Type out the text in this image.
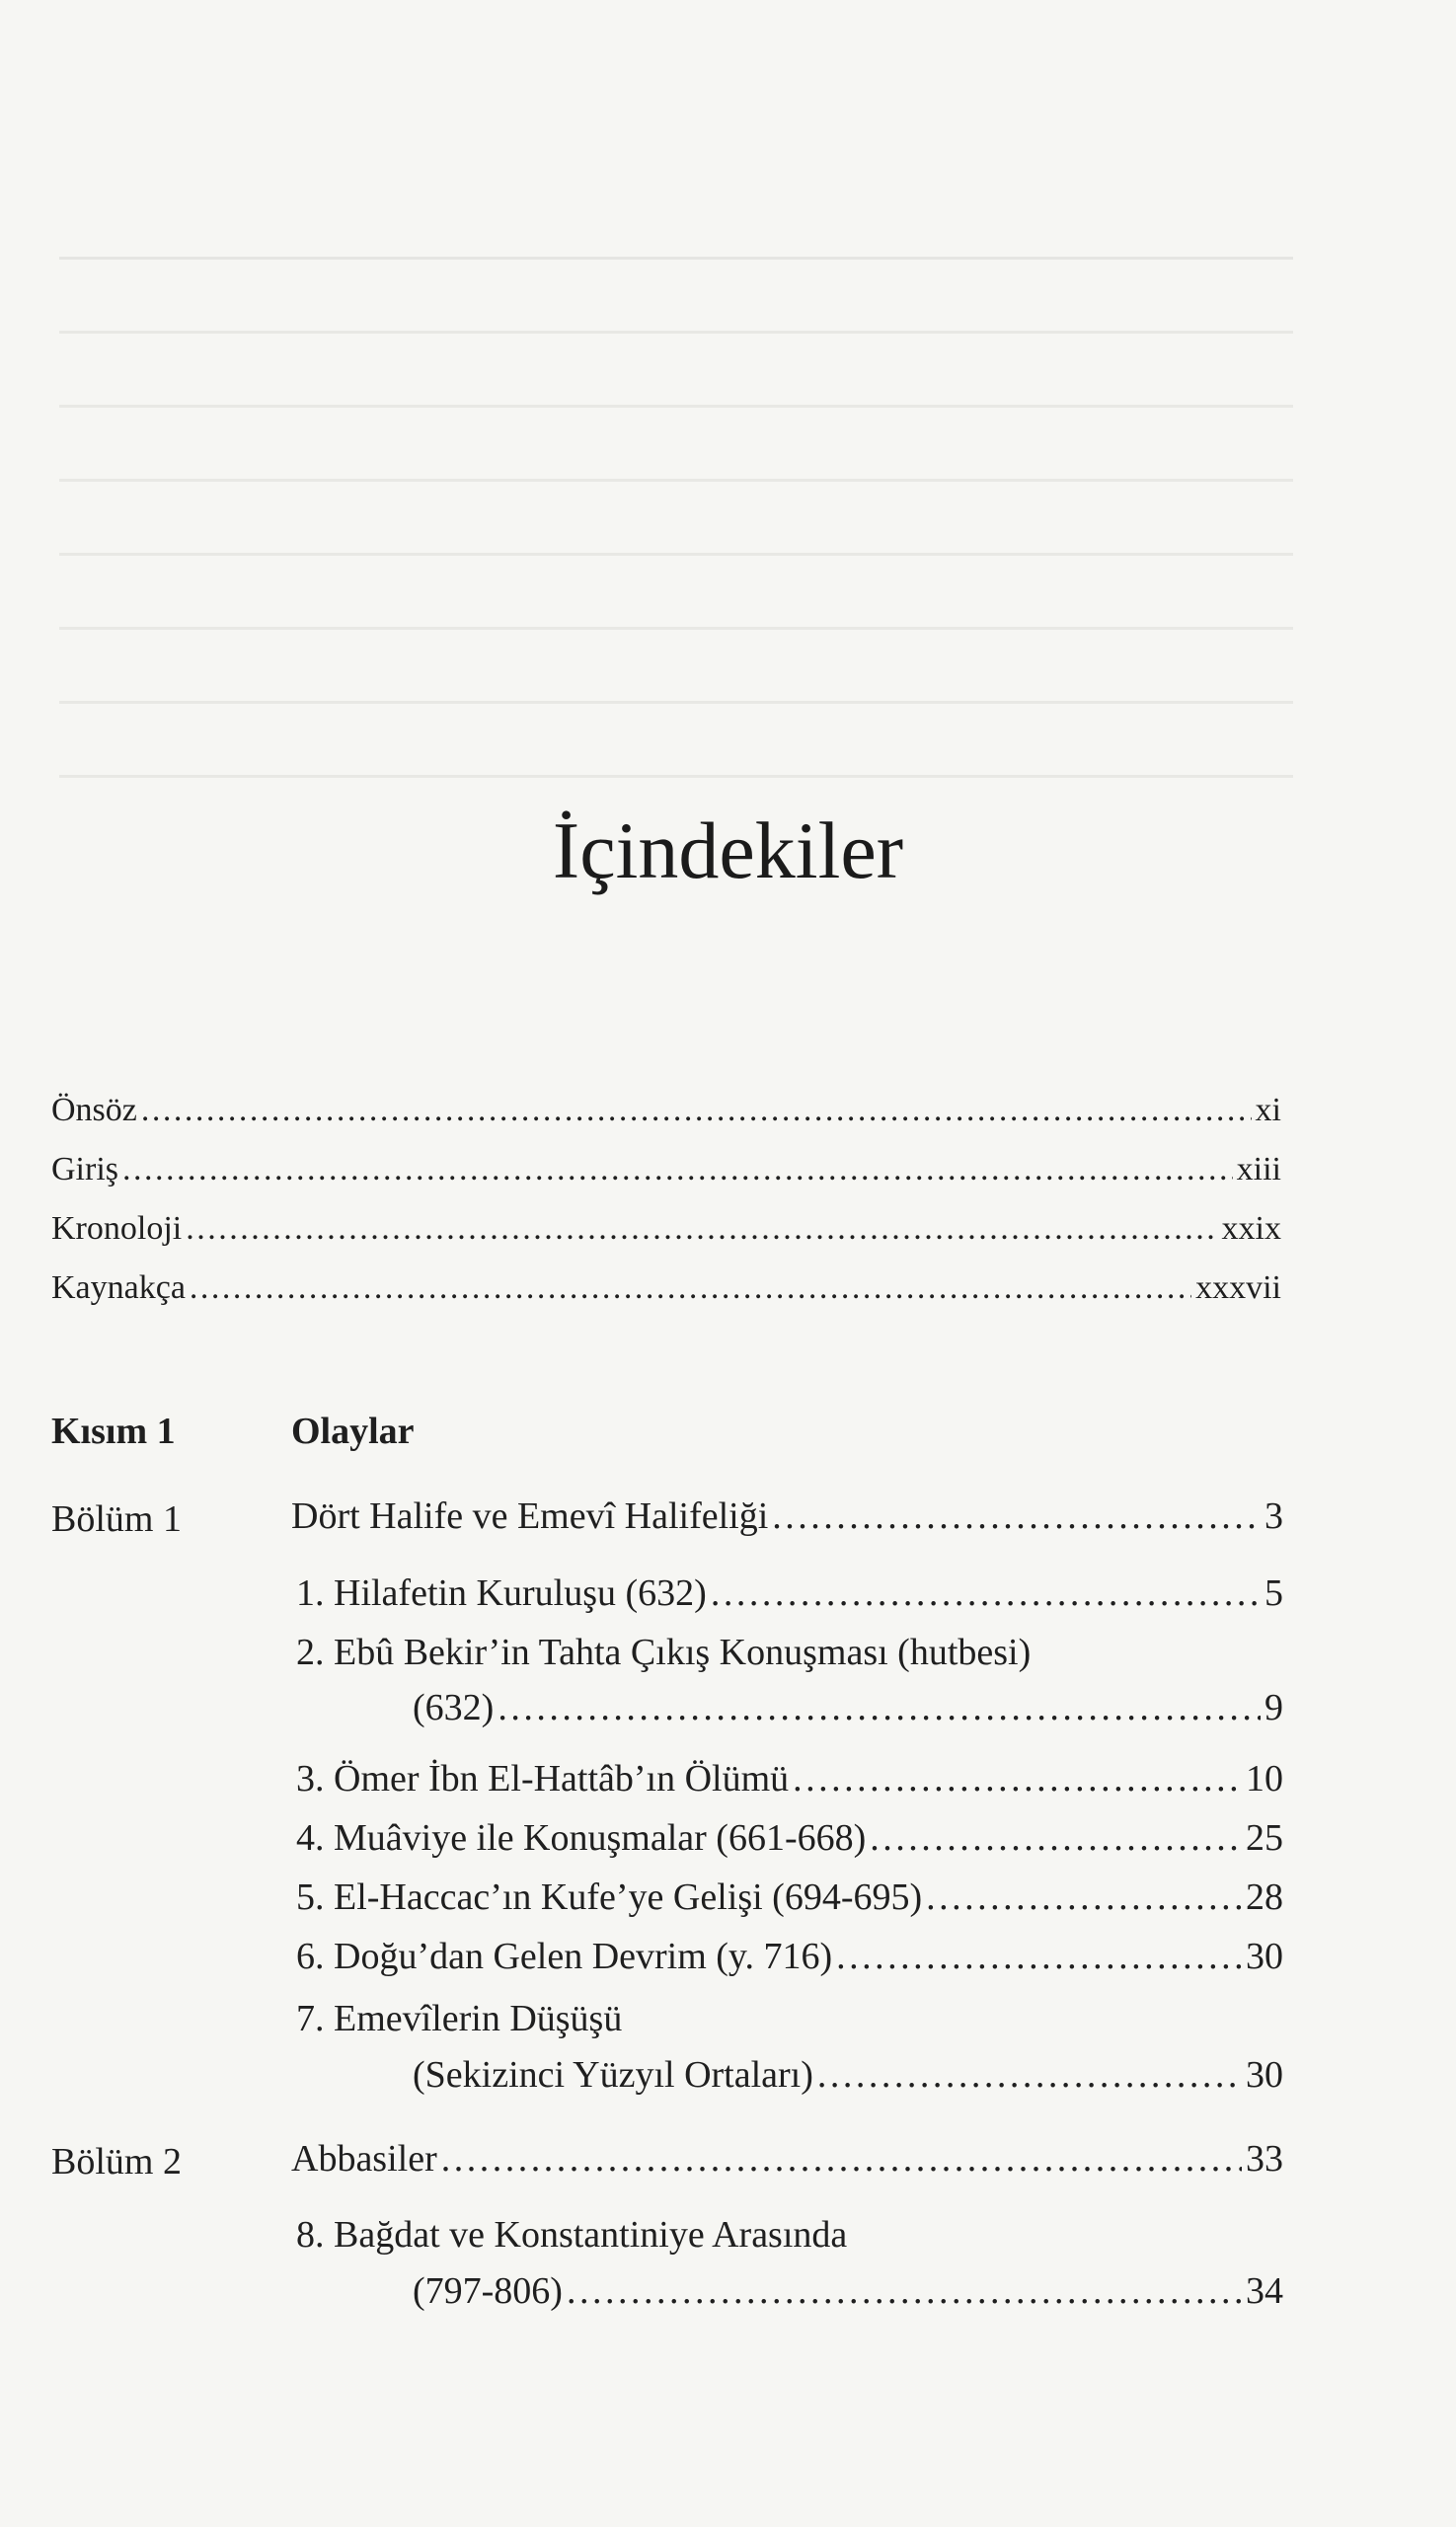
İçindekiler
Önsöz . . .	xi
Giriş . . .	xiii
Kronoloji . . .	xxix
Kaynakça . . .	xxxvii
Kısım 1	Olaylar
Bölüm 1	Dört Halife ve Emevî Halifeliği . . .	3
1. Hilafetin Kuruluşu (632) . . .	5
2. Ebû Bekir’in Tahta Çıkış Konuşması (hutbesi)
(632) . . .	9
3. Ömer İbn El-Hattâb’ın Ölümü . . .	10
4. Muâviye ile Konuşmalar (661-668) . . .	25
5. El-Haccac’ın Kufe’ye Gelişi (694-695) . . .	28
6. Doğu’dan Gelen Devrim (y. 716) . . .	30
7. Emevîlerin Düşüşü
(Sekizinci Yüzyıl Ortaları) . . .	30
Bölüm 2	Abbasiler . . .	33
8. Bağdat ve Konstantiniye Arasında
(797-806) . . .	34
